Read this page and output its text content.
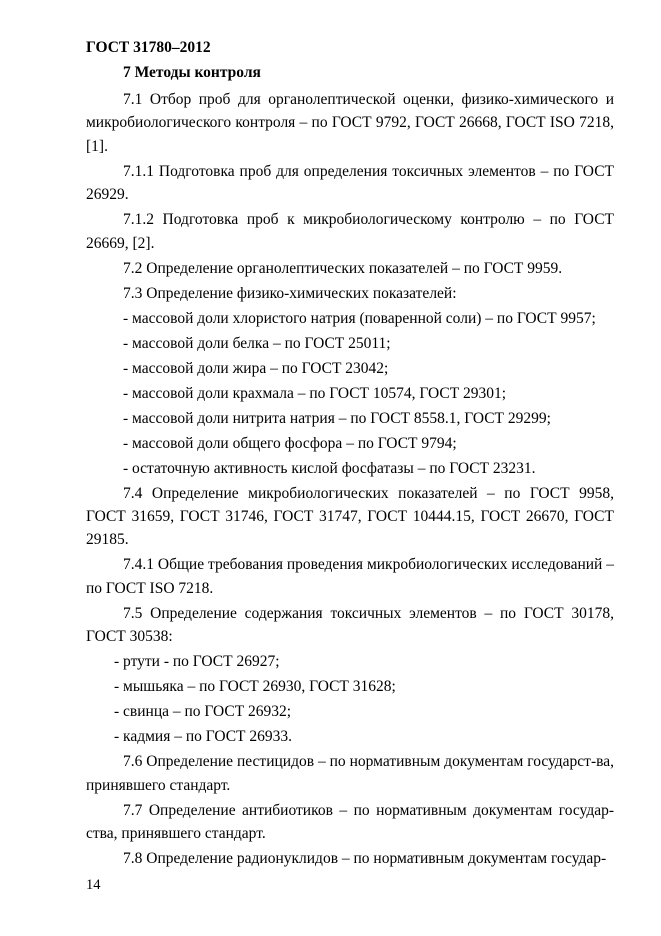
ГОСТ 31780–2012
7 Методы контроля
7.1 Отбор проб для органолептической оценки, физико-химического и микробиологического контроля – по ГОСТ 9792, ГОСТ 26668, ГОСТ ISO 7218, [1].
7.1.1 Подготовка проб для определения токсичных элементов – по ГОСТ 26929.
7.1.2 Подготовка проб к микробиологическому контролю – по ГОСТ 26669, [2].
7.2 Определение органолептических показателей – по ГОСТ 9959.
7.3 Определение физико-химических показателей:
- массовой доли хлористого натрия (поваренной соли) – по ГОСТ 9957;
- массовой доли белка – по ГОСТ 25011;
- массовой доли жира – по ГОСТ 23042;
- массовой доли крахмала – по ГОСТ 10574, ГОСТ 29301;
- массовой доли нитрита натрия – по ГОСТ 8558.1, ГОСТ 29299;
- массовой доли общего фосфора – по ГОСТ 9794;
- остаточную активность кислой фосфатазы – по ГОСТ 23231.
7.4 Определение микробиологических показателей – по ГОСТ 9958, ГОСТ 31659, ГОСТ 31746, ГОСТ 31747, ГОСТ 10444.15, ГОСТ 26670, ГОСТ 29185.
7.4.1 Общие требования проведения микробиологических исследований – по ГОСТ ISO 7218.
7.5 Определение содержания токсичных элементов – по ГОСТ 30178, ГОСТ 30538:
- ртути - по ГОСТ 26927;
- мышьяка – по ГОСТ 26930, ГОСТ 31628;
- свинца – по ГОСТ 26932;
- кадмия – по ГОСТ 26933.
7.6 Определение пестицидов – по нормативным документам государст-ва, принявшего стандарт.
7.7 Определение антибиотиков – по нормативным документам государ-ства, принявшего стандарт.
7.8 Определение радионуклидов – по нормативным документам государ-
14
